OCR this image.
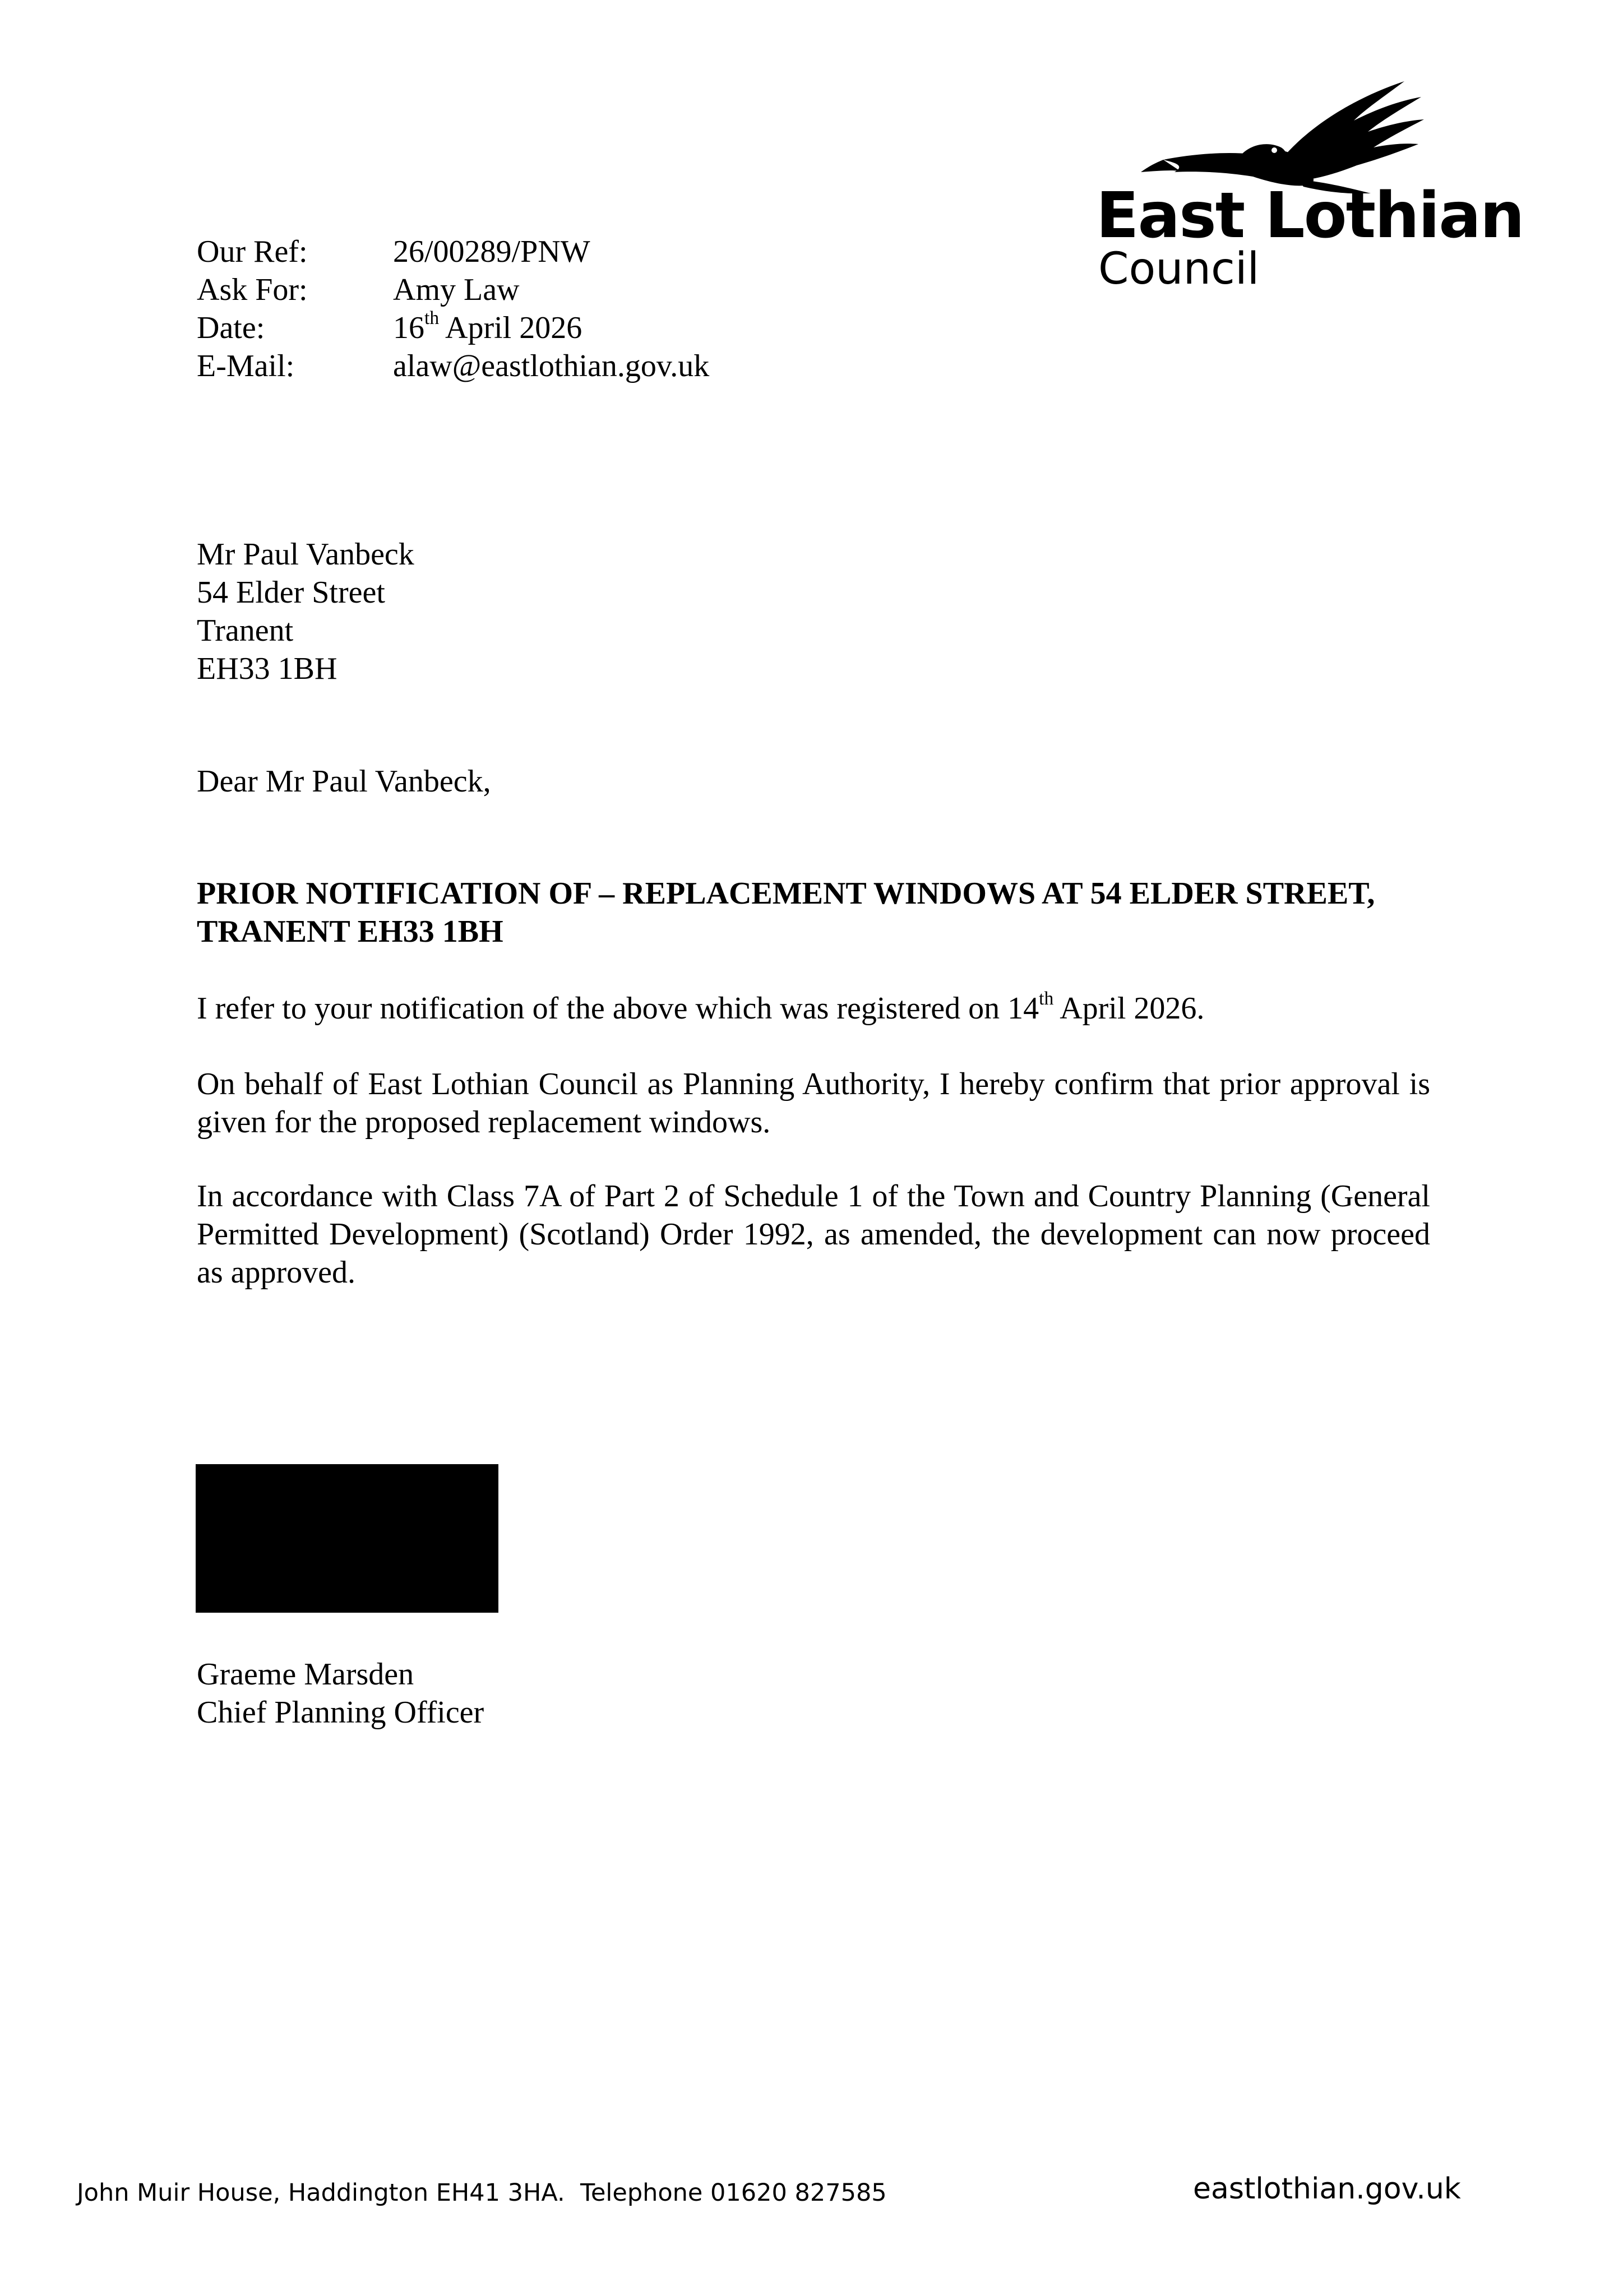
East Lothian
Council
Our Ref:	26/00289/PNW
Ask For:	Amy Law
Date:	16th April 2026
E-Mail:	alaw@eastlothian.gov.uk
Mr Paul Vanbeck
54 Elder Street
Tranent
EH33 1BH
Dear Mr Paul Vanbeck,
PRIOR NOTIFICATION OF – REPLACEMENT WINDOWS AT 54 ELDER STREET, TRANENT EH33 1BH
I refer to your notification of the above which was registered on 14th April 2026.
On behalf of East Lothian Council as Planning Authority, I hereby confirm that prior approval is given for the proposed replacement windows.
In accordance with Class 7A of Part 2 of Schedule 1 of the Town and Country Planning (General Permitted Development) (Scotland) Order 1992, as amended, the development can now proceed as approved.
Graeme Marsden
Chief Planning Officer
John Muir House, Haddington EH41 3HA.  Telephone 01620 827585	eastlothian.gov.uk
